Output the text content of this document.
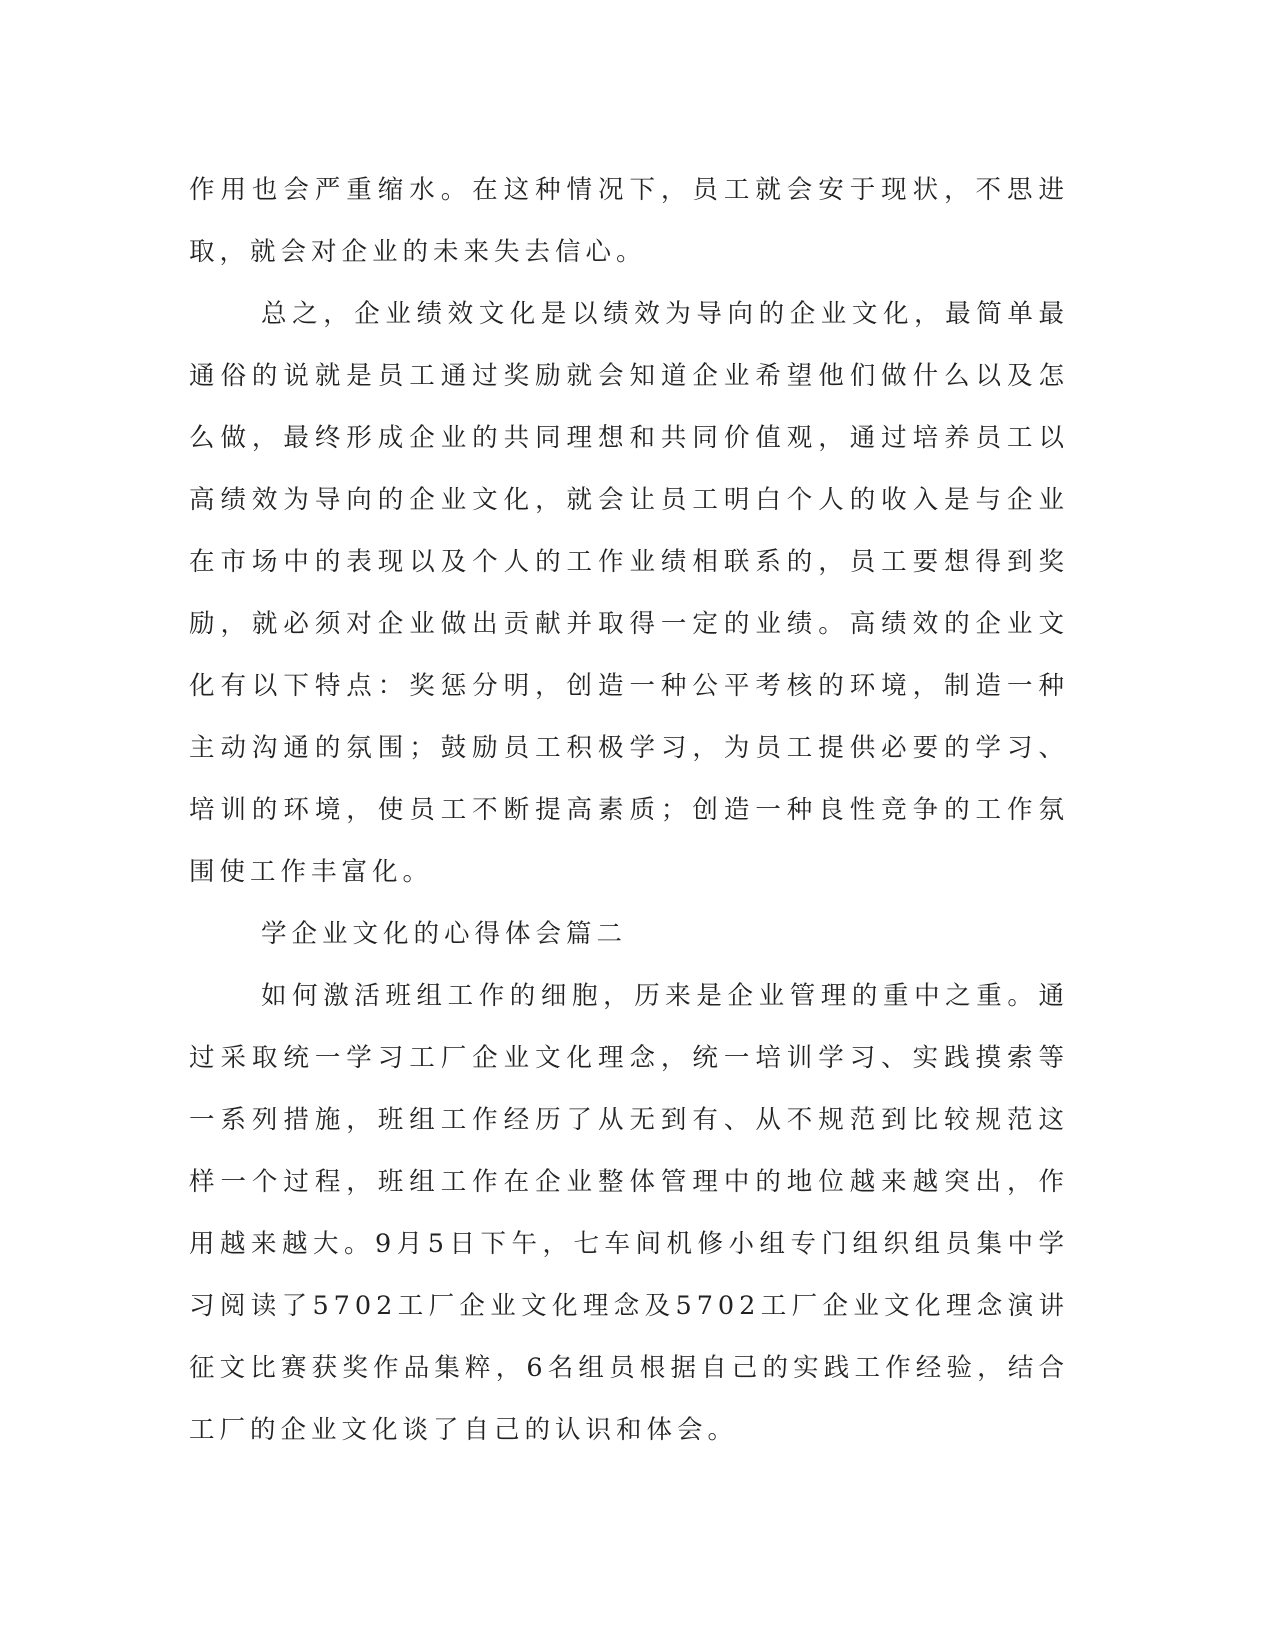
作用也会严重缩水。在这种情况下，员工就会安于现状，不思进取，就会对企业的未来失去信心。

总之，企业绩效文化是以绩效为导向的企业文化，最简单最通俗的说就是员工通过奖励就会知道企业希望他们做什么以及怎么做，最终形成企业的共同理想和共同价值观，通过培养员工以高绩效为导向的企业文化，就会让员工明白个人的收入是与企业在市场中的表现以及个人的工作业绩相联系的，员工要想得到奖励，就必须对企业做出贡献并取得一定的业绩。高绩效的企业文化有以下特点：奖惩分明，创造一种公平考核的环境，制造一种主动沟通的氛围；鼓励员工积极学习，为员工提供必要的学习、培训的环境，使员工不断提高素质；创造一种良性竞争的工作氛围使工作丰富化。

学企业文化的心得体会篇二

如何激活班组工作的细胞，历来是企业管理的重中之重。通过采取统一学习工厂企业文化理念，统一培训学习、实践摸索等一系列措施，班组工作经历了从无到有、从不规范到比较规范这样一个过程，班组工作在企业整体管理中的地位越来越突出，作用越来越大。9月5日下午，七车间机修小组专门组织组员集中学习阅读了5702工厂企业文化理念及5702工厂企业文化理念演讲征文比赛获奖作品集粹，6名组员根据自己的实践工作经验，结合工厂的企业文化谈了自己的认识和体会。
